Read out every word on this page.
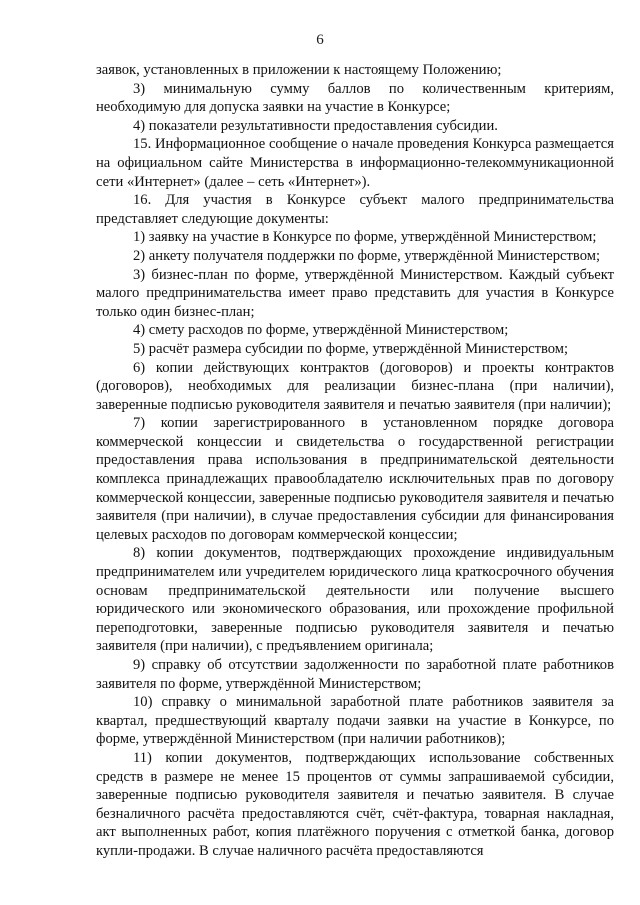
6

заявок, установленных в приложении к настоящему Положению;

3) минимальную сумму баллов по количественным критериям, необходимую для допуска заявки на участие в Конкурсе;

4) показатели результативности предоставления субсидии.

15. Информационное сообщение о начале проведения Конкурса размещается на официальном сайте Министерства в информационно-телекоммуникационной сети «Интернет» (далее – сеть «Интернет»).

16. Для участия в Конкурсе субъект малого предпринимательства представляет следующие документы:

1) заявку на участие в Конкурсе по форме, утверждённой Министерством;

2) анкету получателя поддержки по форме, утверждённой Министерством;

3) бизнес-план по форме, утверждённой Министерством. Каждый субъект малого предпринимательства имеет право представить для участия в Конкурсе только один бизнес-план;

4) смету расходов по форме, утверждённой Министерством;

5) расчёт размера субсидии по форме, утверждённой Министерством;

6) копии действующих контрактов (договоров) и проекты контрактов (договоров), необходимых для реализации бизнес-плана (при наличии), заверенные подписью руководителя заявителя и печатью заявителя (при наличии);

7) копии зарегистрированного в установленном порядке договора коммерческой концессии и свидетельства о государственной регистрации предоставления права использования в предпринимательской деятельности комплекса принадлежащих правообладателю исключительных прав по договору коммерческой концессии, заверенные подписью руководителя заявителя и печатью заявителя (при наличии), в случае предоставления субсидии для финансирования целевых расходов по договорам коммерческой концессии;

8) копии документов, подтверждающих прохождение индивидуальным предпринимателем или учредителем юридического лица краткосрочного обучения основам предпринимательской деятельности или получение высшего юридического или экономического образования, или прохождение профильной переподготовки, заверенные подписью руководителя заявителя и печатью заявителя (при наличии), с предъявлением оригинала;

9) справку об отсутствии задолженности по заработной плате работников заявителя по форме, утверждённой Министерством;

10) справку о минимальной заработной плате работников заявителя за квартал, предшествующий кварталу подачи заявки на участие в Конкурсе, по форме, утверждённой Министерством (при наличии работников);

11) копии документов, подтверждающих использование собственных средств в размере не менее 15 процентов от суммы запрашиваемой субсидии, заверенные подписью руководителя заявителя и печатью заявителя. В случае безналичного расчёта предоставляются счёт, счёт-фактура, товарная накладная, акт выполненных работ, копия платёжного поручения с отметкой банка, договор купли-продажи. В случае наличного расчёта предоставляются
